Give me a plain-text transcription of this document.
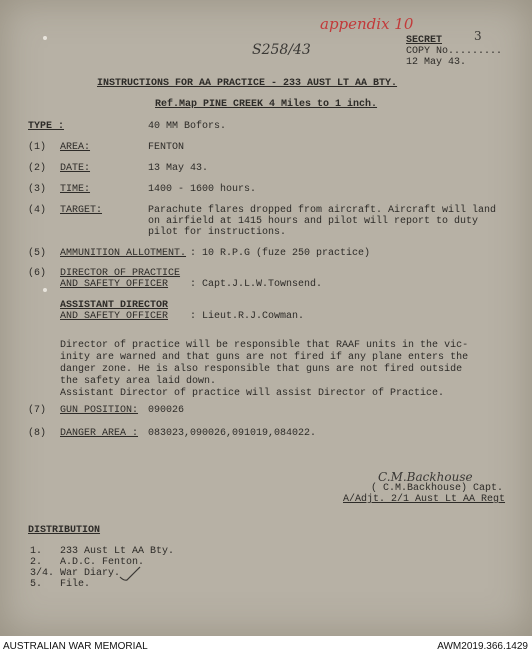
appendix 10
3
S258/43
SECRET
COPY No.........
12 May 43.
INSTRUCTIONS FOR AA PRACTICE - 233 AUST LT AA BTY.
Ref.Map PINE CREEK 4 Miles to 1 inch.
TYPE :	40 MM Bofors.
(1) AREA:	FENTON
(2) DATE:	13 May 43.
(3) TIME:	1400 - 1600 hours.
(4) TARGET:	Parachute flares dropped from aircraft. Aircraft will land
on airfield at 1415 hours and pilot will report to duty
pilot for instructions.
(5) AMMUNITION ALLOTMENT. : 10 R.P.G (fuze 250 practice)
(6) DIRECTOR OF PRACTICE
AND SAFETY OFFICER : Capt.J.L.W.Townsend.
ASSISTANT DIRECTOR
AND SAFETY OFFICER : Lieut.R.J.Cowman.
Director of practice will be responsible that RAAF units in the vic-
inity are warned and that guns are not fired if any plane enters the
danger zone. He is also responsible that guns are not fired outside
the safety area laid down.
Assistant Director of practice will assist Director of Practice.
(7) GUN POSITION: 090026
(8) DANGER AREA : 083023,090026,091019,084022.
C.M.Backhouse
( C.M.Backhouse) Capt.
A/Adjt. 2/1 Aust Lt AA Regt
DISTRIBUTION
1. 233 Aust Lt AA Bty.
2. A.D.C. Fenton.
3/4. War Diary.
5. File.
AUSTRALIAN WAR MEMORIAL	AWM2019.366.1429
